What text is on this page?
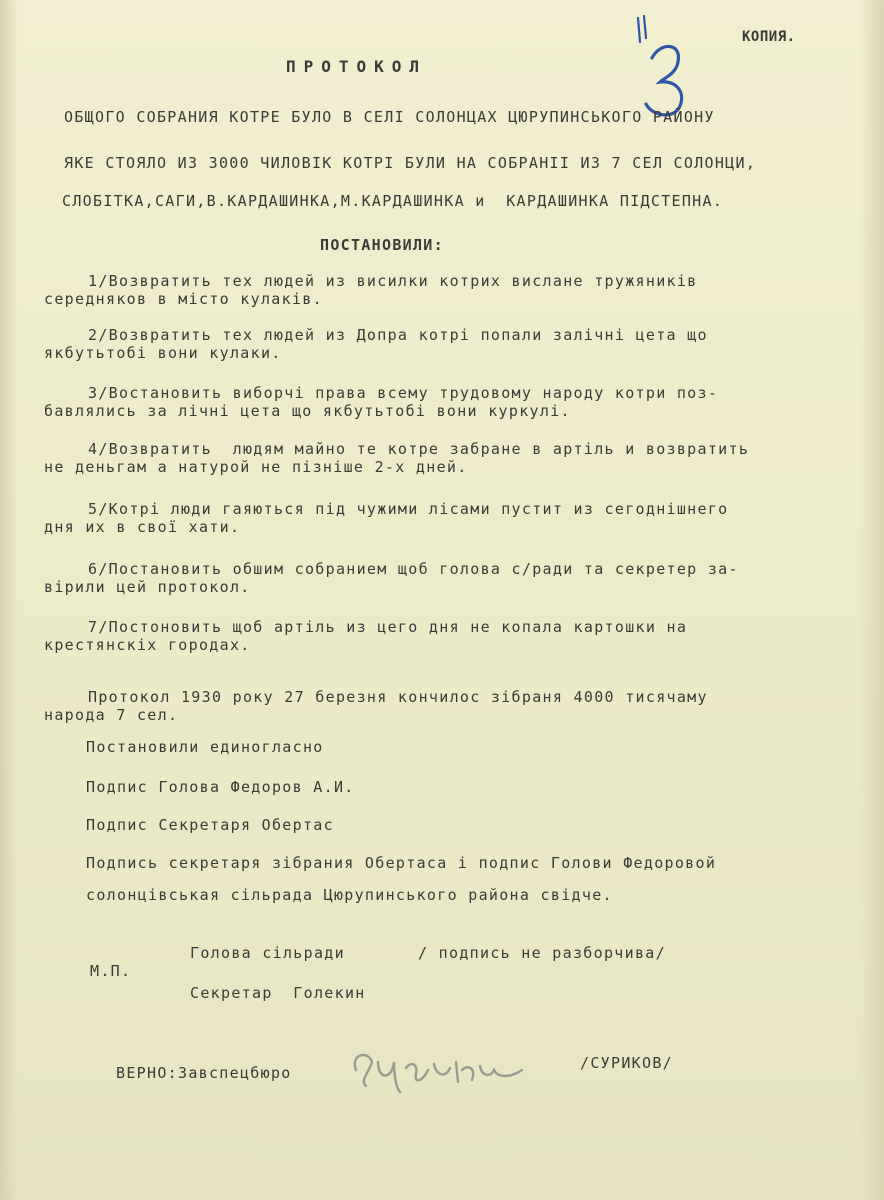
КОПИЯ.
ПРОТОКОЛ
ОБЩОГО СОБРАНИЯ КОТРЕ БУЛО В СЕЛI СОЛОНЦАХ ЦЮРУПИНСЬКОГО РАЙОНУ
ЯКЕ СТОЯЛО ИЗ 3000 ЧИЛОВIК КОТРI БУЛИ НА СОБРАНII ИЗ 7 СЕЛ СОЛОНЦИ,
СЛОБIТКА,САГИ,В.КАРДАШИНКА,М.КАРДАШИНКА и  КАРДАШИНКА ПIДСТЕПНА.
ПОСТАНОВИЛИ:
1/Возвратить тех людей из висилки котрих вислане тружяників
середняков в місто кулаків.
2/Возвратить тех людей из Допра котрі попали зaлiчнi цета що
якбутьтобі вони кулаки.
3/Востановить виборчі права всему трудовому народу котри поз-
бавлялись за лічні цета що якбутьтобі вони куркулі.
4/Возвратить  людям майно те котре забране в артіль и возвратить
не деньгам а натурой не пізніше 2-х дней.
5/Котрі люди гаяються під чужими лiсами пустит из сегоднішнего
дня их в свої хати.
6/Постановить обшим собранием щоб голова с/ради та секретер за-
вірили цей протокол.
7/Постоновить щоб артіль из цего дня не копала картошки на
крестянскіх городах.
Протокол 1930 року 27 березня кончилос зiбраня 4000 тисячаму
народа 7 сел.
Постановили единогласно
Подпис Голова Федоров А.И.
Подпис Секретаря Обертас
Подпись секретаря зiбрания Обертаса i подпис Голови Федоровой
солонцiвськая сiльрада Цюрупинського района свiдче.
М.П.
Голова сільради	/ подпись не разборчива/
Секретар  Голекин
ВЕРНО:Завспецбюро
/СУРИКОВ/
